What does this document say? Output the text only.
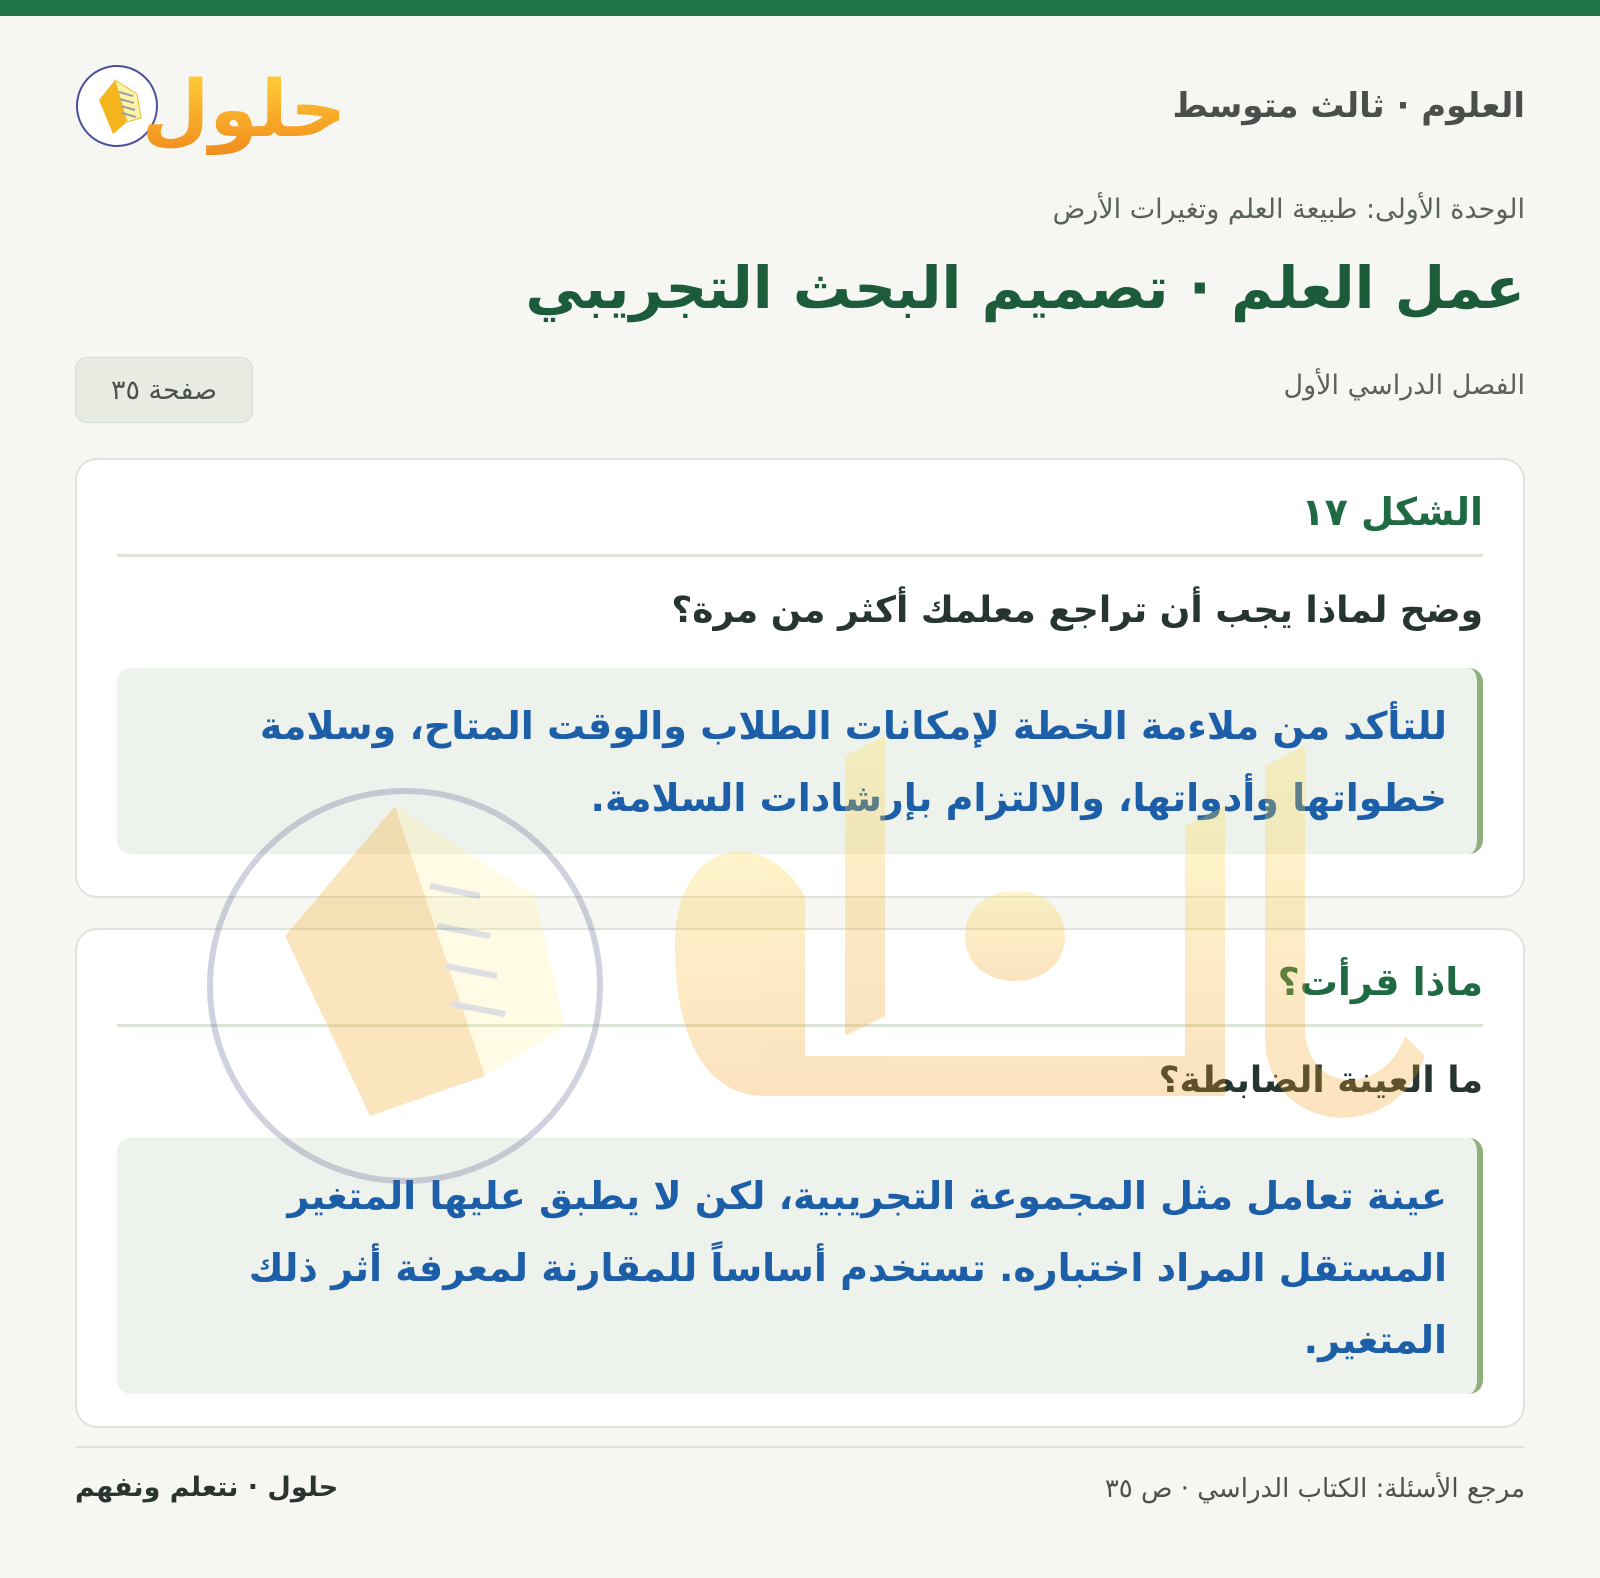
العلوم · ثالث متوسط
حلول
الوحدة الأولى: طبيعة العلم وتغيرات الأرض
عمل العلم · تصميم البحث التجريبي
الفصل الدراسي الأول
صفحة ٣٥
الشكل ١٧
وضح لماذا يجب أن تراجع معلمك أكثر من مرة؟
للتأكد من ملاءمة الخطة لإمكانات الطلاب والوقت المتاح، وسلامة خطواتها وأدواتها، والالتزام بإرشادات السلامة.
ماذا قرأت؟
ما العينة الضابطة؟
عينة تعامل مثل المجموعة التجريبية، لكن لا يطبق عليها المتغير المستقل المراد اختباره. تستخدم أساساً للمقارنة لمعرفة أثر ذلك المتغير.
مرجع الأسئلة: الكتاب الدراسي · ص ٣٥
حلول · نتعلم ونفهم
